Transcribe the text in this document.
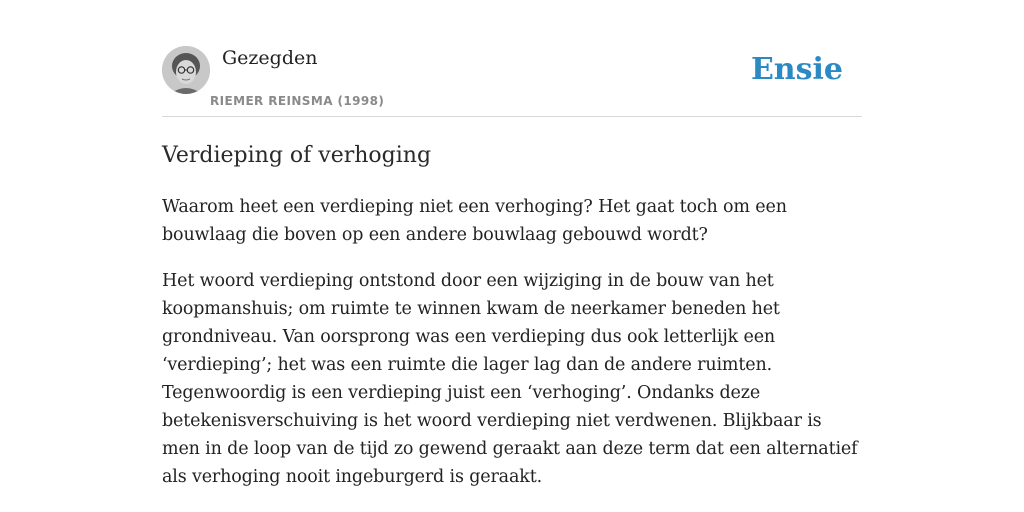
Gezegden
RIEMER REINSMA (1998)
Ensie
Verdieping of verhoging

Waarom heet een verdieping niet een verhoging? Het gaat toch om een bouwlaag die boven op een andere bouwlaag gebouwd wordt?

Het woord verdieping ontstond door een wijziging in de bouw van het koopmanshuis; om ruimte te winnen kwam de neerkamer beneden het grondniveau. Van oorsprong was een verdieping dus ook letterlijk een ‘verdieping’; het was een ruimte die lager lag dan de andere ruimten. Tegenwoordig is een verdieping juist een ‘verhoging’. Ondanks deze betekenisverschuiving is het woord verdieping niet verdwenen. Blijkbaar is men in de loop van de tijd zo gewend geraakt aan deze term dat een alternatief als verhoging nooit ingeburgerd is geraakt.
